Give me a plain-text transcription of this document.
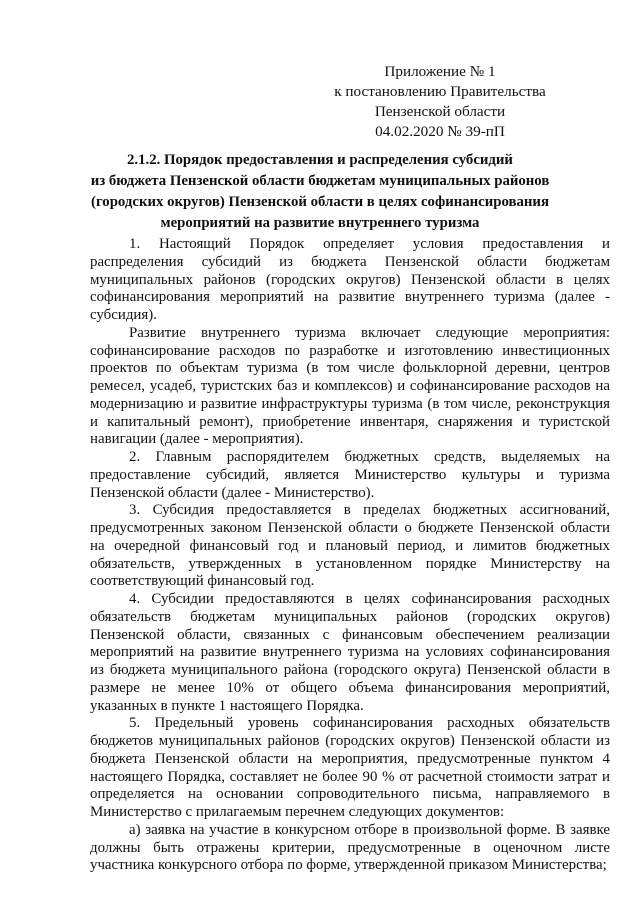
Приложение № 1
к постановлению Правительства
Пензенской области
04.02.2020 № 39-пП
2.1.2. Порядок предоставления и распределения субсидий
из бюджета Пензенской области бюджетам муниципальных районов
(городских округов) Пензенской области в целях софинансирования
мероприятий на развитие внутреннего туризма

1. Настоящий Порядок определяет условия предоставления и распределения субсидий из бюджета Пензенской области бюджетам муниципальных районов (городских округов) Пензенской области в целях софинансирования мероприятий на развитие внутреннего туризма (далее - субсидия).

Развитие внутреннего туризма включает следующие мероприятия: софинансирование расходов по разработке и изготовлению инвестиционных проектов по объектам туризма (в том числе фольклорной деревни, центров ремесел, усадеб, туристских баз и комплексов) и софинансирование расходов на модернизацию и развитие инфраструктуры туризма (в том числе, реконструкция и капитальный ремонт), приобретение инвентаря, снаряжения и туристской навигации (далее - мероприятия).

2. Главным распорядителем бюджетных средств, выделяемых на предоставление субсидий, является Министерство культуры и туризма Пензенской области (далее - Министерство).

3. Субсидия предоставляется в пределах бюджетных ассигнований, предусмотренных законом Пензенской области о бюджете Пензенской области на очередной финансовый год и плановый период, и лимитов бюджетных обязательств, утвержденных в установленном порядке Министерству на соответствующий финансовый год.

4. Субсидии предоставляются в целях софинансирования расходных обязательств бюджетам муниципальных районов (городских округов) Пензенской области, связанных с финансовым обеспечением реализации мероприятий на развитие внутреннего туризма на условиях софинансирования из бюджета муниципального района (городского округа) Пензенской области в размере не менее 10% от общего объема финансирования мероприятий, указанных в пункте 1 настоящего Порядка.

5. Предельный уровень софинансирования расходных обязательств бюджетов муниципальных районов (городских округов) Пензенской области из бюджета Пензенской области на мероприятия, предусмотренные пунктом 4 настоящего Порядка, составляет не более 90 % от расчетной стоимости затрат и определяется на основании сопроводительного письма, направляемого в Министерство с прилагаемым перечнем следующих документов:

а) заявка на участие в конкурсном отборе в произвольной форме. В заявке должны быть отражены критерии, предусмотренные в оценочном листе участника конкурсного отбора по форме, утвержденной приказом Министерства;
